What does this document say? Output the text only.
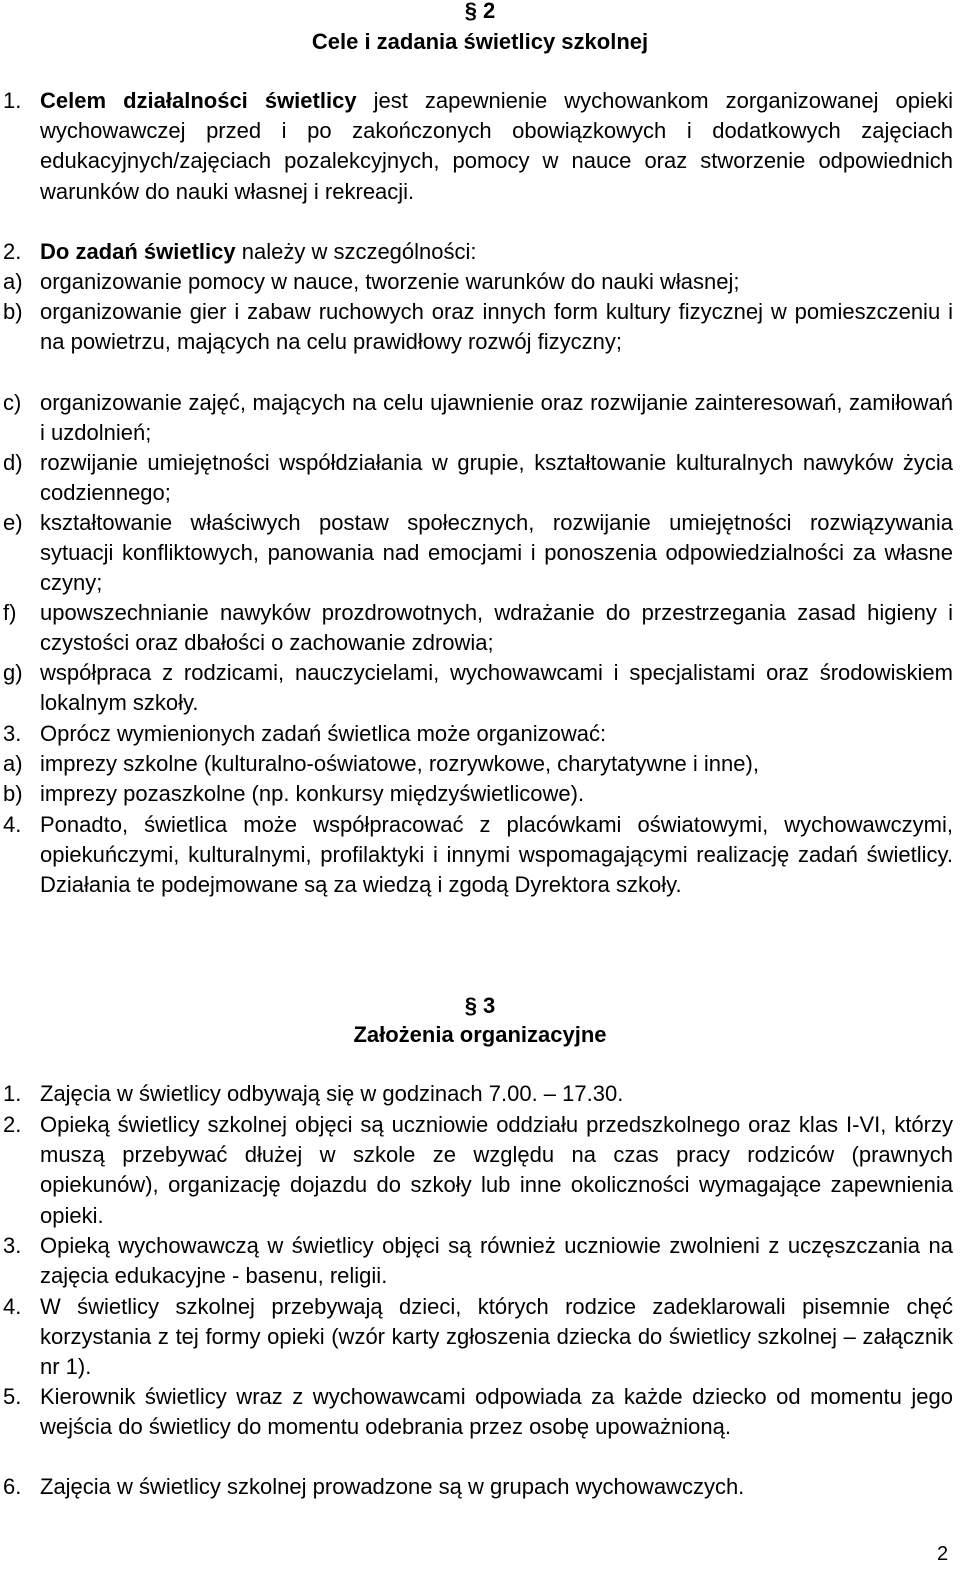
§ 2
Cele i zadania świetlicy szkolnej
1. Celem działalności świetlicy jest zapewnienie wychowankom zorganizowanej opieki wychowawczej przed i po zakończonych obowiązkowych i dodatkowych zajęciach edukacyjnych/zajęciach pozalekcyjnych, pomocy w nauce oraz stworzenie odpowiednich warunków do nauki własnej i rekreacji.
2. Do zadań świetlicy należy w szczególności:
a) organizowanie pomocy w nauce, tworzenie warunków do nauki własnej;
b) organizowanie gier i zabaw ruchowych oraz innych form kultury fizycznej w pomieszczeniu i na powietrzu, mających na celu prawidłowy rozwój fizyczny;
c) organizowanie zajęć, mających na celu ujawnienie oraz rozwijanie zainteresowań, zamiłowań i uzdolnień;
d) rozwijanie umiejętności współdziałania w grupie, kształtowanie kulturalnych nawyków życia codziennego;
e) kształtowanie właściwych postaw społecznych, rozwijanie umiejętności rozwiązywania sytuacji konfliktowych, panowania nad emocjami i ponoszenia odpowiedzialności za własne czyny;
f)	upowszechnianie nawyków prozdrowotnych, wdrażanie do przestrzegania zasad higieny i czystości oraz dbałości o zachowanie zdrowia;
g) współpraca z rodzicami, nauczycielami, wychowawcami i specjalistami oraz środowiskiem lokalnym szkoły.
3. Oprócz wymienionych zadań świetlica może organizować:
a) imprezy szkolne (kulturalno-oświatowe, rozrywkowe, charytatywne i inne),
b) imprezy pozaszkolne (np. konkursy międzyświetlicowe).
4. Ponadto, świetlica może współpracować z placówkami oświatowymi, wychowawczymi, opiekuńczymi, kulturalnymi, profilaktyki i innymi wspomagającymi realizację zadań świetlicy. Działania te podejmowane są za wiedzą i zgodą Dyrektora szkoły.
§ 3
Założenia organizacyjne
1. Zajęcia w świetlicy odbywają się w godzinach 7.00. – 17.30.
2. Opieką świetlicy szkolnej objęci są uczniowie oddziału przedszkolnego oraz klas I-VI, którzy muszą przebywać dłużej w szkole ze względu na czas pracy rodziców (prawnych opiekunów), organizację dojazdu do szkoły lub inne okoliczności wymagające zapewnienia opieki.
3. Opieką wychowawczą w świetlicy objęci są również uczniowie zwolnieni z uczęszczania na zajęcia edukacyjne - basenu, religii.
4. W świetlicy szkolnej przebywają dzieci, których rodzice zadeklarowali pisemnie chęć korzystania z tej formy opieki (wzór karty zgłoszenia dziecka do świetlicy szkolnej – załącznik nr 1).
5. Kierownik świetlicy wraz z wychowawcami odpowiada za każde dziecko od momentu jego wejścia do świetlicy do momentu odebrania przez osobę upoważnioną.
6. Zajęcia w świetlicy szkolnej prowadzone są w grupach wychowawczych.
2
